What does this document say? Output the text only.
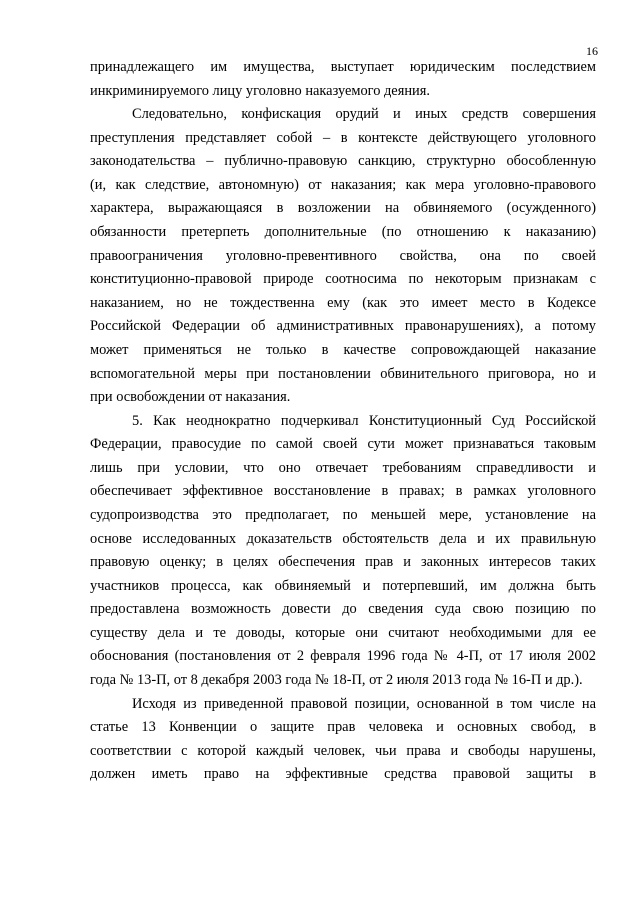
16
принадлежащего им имущества, выступает юридическим последствием
инкриминируемого лицу уголовно наказуемого деяния.
Следовательно, конфискация орудий и иных средств совершения
преступления представляет собой – в контексте действующего уголовного
законодательства – публично-правовую санкцию, структурно обособленную
(и, как следствие, автономную) от наказания; как мера уголовно-правового
характера, выражающаяся в возложении на обвиняемого (осужденного)
обязанности претерпеть дополнительные (по отношению к наказанию)
правоограничения уголовно-превентивного свойства, она по своей
конституционно-правовой природе соотносима по некоторым признакам с
наказанием, но не тождественна ему (как это имеет место в Кодексе
Российской Федерации об административных правонарушениях), а потому
может применяться не только в качестве сопровождающей наказание
вспомогательной меры при постановлении обвинительного приговора, но и
при освобождении от наказания.
5. Как неоднократно подчеркивал Конституционный Суд Российской
Федерации, правосудие по самой своей сути может признаваться таковым
лишь при условии, что оно отвечает требованиям справедливости и
обеспечивает эффективное восстановление в правах; в рамках уголовного
судопроизводства это предполагает, по меньшей мере, установление на
основе исследованных доказательств обстоятельств дела и их правильную
правовую оценку; в целях обеспечения прав и законных интересов таких
участников процесса, как обвиняемый и потерпевший, им должна быть
предоставлена возможность довести до сведения суда свою позицию по
существу дела и те доводы, которые они считают необходимыми для ее
обоснования (постановления от 2 февраля 1996 года № 4-П, от 17 июля 2002
года № 13-П, от 8 декабря 2003 года № 18-П, от 2 июля 2013 года № 16-П и др.).
Исходя из приведенной правовой позиции, основанной в том числе на
статье 13 Конвенции о защите прав человека и основных свобод, в
соответствии с которой каждый человек, чьи права и свободы нарушены,
должен иметь право на эффективные средства правовой защиты в
